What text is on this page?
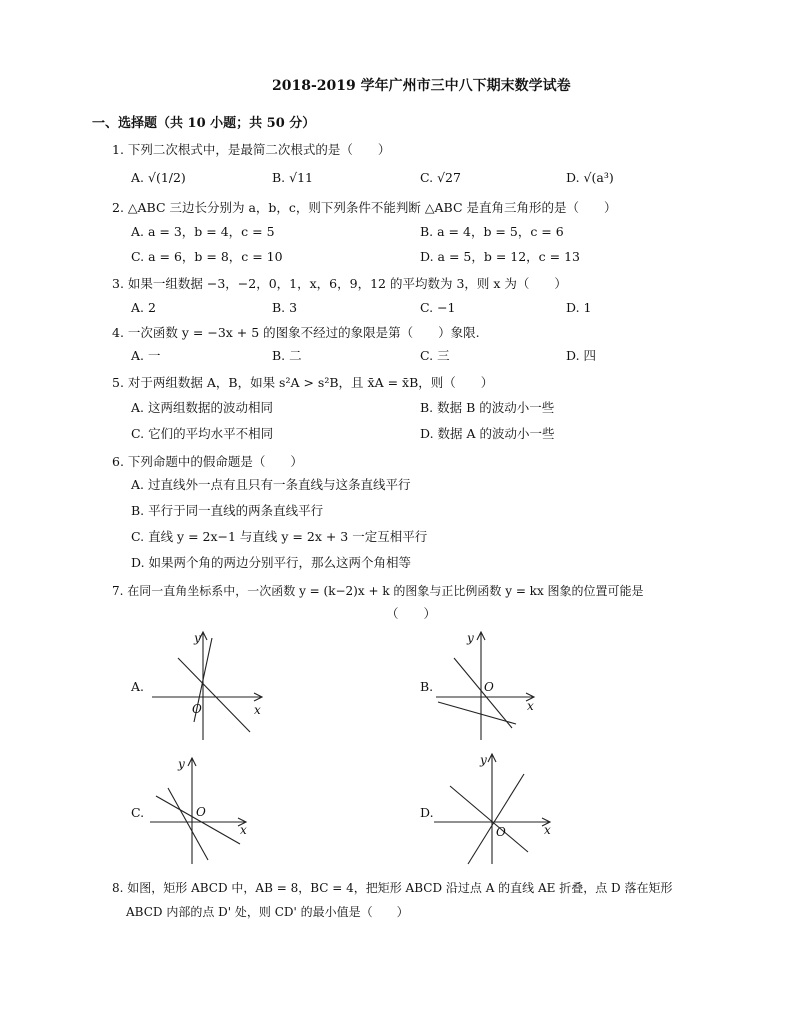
2018-2019 学年广州市三中八下期末数学试卷
一、选择题（共 10 小题；共 50 分）
1. 下列二次根式中，是最简二次根式的是（　　）
A. √(1/2)	B. √11	C. √27	D. √(a³)
2. △ABC 三边长分别为 a，b，c，则下列条件不能判断 △ABC 是直角三角形的是（　　）
A. a = 3，b = 4，c = 5	B. a = 4，b = 5，c = 6
C. a = 6，b = 8，c = 10	D. a = 5，b = 12，c = 13
3. 如果一组数据 −3，−2，0，1，x，6，9，12 的平均数为 3，则 x 为（　　）
A. 2	B. 3	C. −1	D. 1
4. 一次函数 y = −3x + 5 的图象不经过的象限是第（　　）象限.
A. 一	B. 二	C. 三	D. 四
5. 对于两组数据 A，B，如果 s²A > s²B，且 x̄A = x̄B，则（　　）
A. 这两组数据的波动相同	B. 数据 B 的波动小一些
C. 它们的平均水平不相同	D. 数据 A 的波动小一些
6. 下列命题中的假命题是（　　）
A. 过直线外一点有且只有一条直线与这条直线平行
B. 平行于同一直线的两条直线平行
C. 直线 y = 2x−1 与直线 y = 2x + 3 一定互相平行
D. 如果两个角的两边分别平行，那么这两个角相等
7. 在同一直角坐标系中，一次函数 y = (k−2)x + k 的图象与正比例函数 y = kx 图象的位置可能是
（　　）
A.	B.
C.	D.
y
x
O
y
x
O
y
x
O
y
x
O
8. 如图，矩形 ABCD 中，AB = 8，BC = 4，把矩形 ABCD 沿过点 A 的直线 AE 折叠，点 D 落在矩形
ABCD 内部的点 D' 处，则 CD' 的最小值是（　　）
